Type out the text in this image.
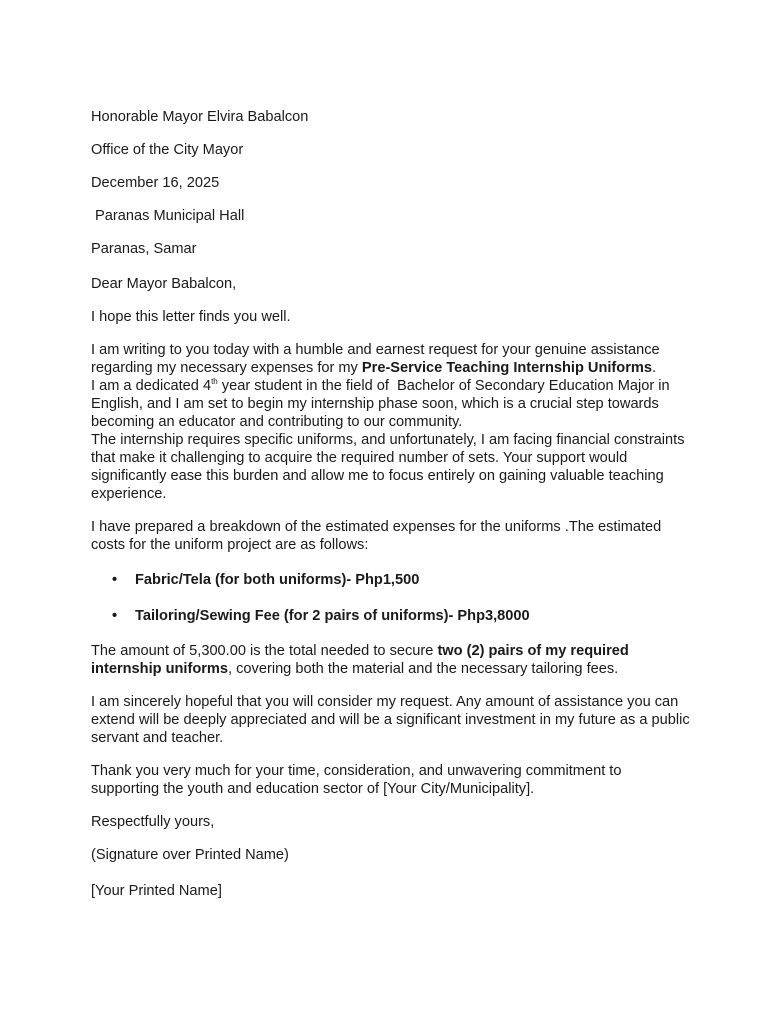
Honorable Mayor Elvira Babalcon

Office of the City Mayor

December 16, 2025

Paranas Municipal Hall

Paranas, Samar

Dear Mayor Babalcon,

I hope this letter finds you well.

I am writing to you today with a humble and earnest request for your genuine assistance regarding my necessary expenses for my Pre-Service Teaching Internship Uniforms.

I am a dedicated 4th year student in the field of  Bachelor of Secondary Education Major in English, and I am set to begin my internship phase soon, which is a crucial step towards becoming an educator and contributing to our community.

The internship requires specific uniforms, and unfortunately, I am facing financial constraints that make it challenging to acquire the required number of sets. Your support would significantly ease this burden and allow me to focus entirely on gaining valuable teaching experience.

I have prepared a breakdown of the estimated expenses for the uniforms .The estimated costs for the uniform project are as follows:

• Fabric/Tela (for both uniforms)- Php1,500
• Tailoring/Sewing Fee (for 2 pairs of uniforms)- Php3,8000

The amount of 5,300.00 is the total needed to secure two (2) pairs of my required internship uniforms, covering both the material and the necessary tailoring fees.

I am sincerely hopeful that you will consider my request. Any amount of assistance you can extend will be deeply appreciated and will be a significant investment in my future as a public servant and teacher.

Thank you very much for your time, consideration, and unwavering commitment to supporting the youth and education sector of [Your City/Municipality].

Respectfully yours,

(Signature over Printed Name)

[Your Printed Name]
